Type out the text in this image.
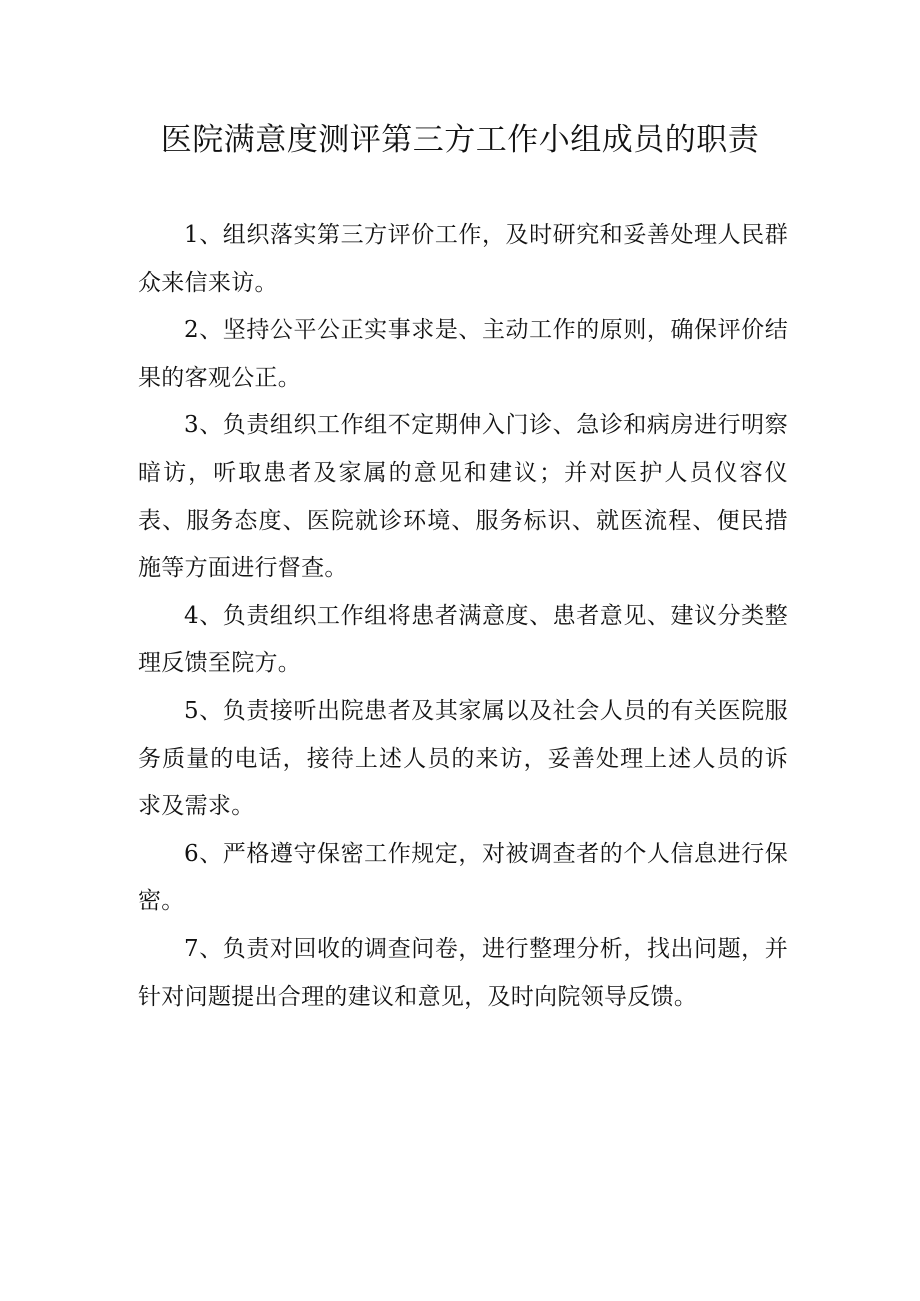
医院满意度测评第三方工作小组成员的职责

1、组织落实第三方评价工作，及时研究和妥善处理人民群众来信来访。

2、坚持公平公正实事求是、主动工作的原则，确保评价结果的客观公正。

3、负责组织工作组不定期伸入门诊、急诊和病房进行明察暗访，听取患者及家属的意见和建议；并对医护人员仪容仪表、服务态度、医院就诊环境、服务标识、就医流程、便民措施等方面进行督查。

4、负责组织工作组将患者满意度、患者意见、建议分类整理反馈至院方。

5、负责接听出院患者及其家属以及社会人员的有关医院服务质量的电话，接待上述人员的来访，妥善处理上述人员的诉求及需求。

6、严格遵守保密工作规定，对被调查者的个人信息进行保密。

7、负责对回收的调查问卷，进行整理分析，找出问题，并针对问题提出合理的建议和意见，及时向院领导反馈。
